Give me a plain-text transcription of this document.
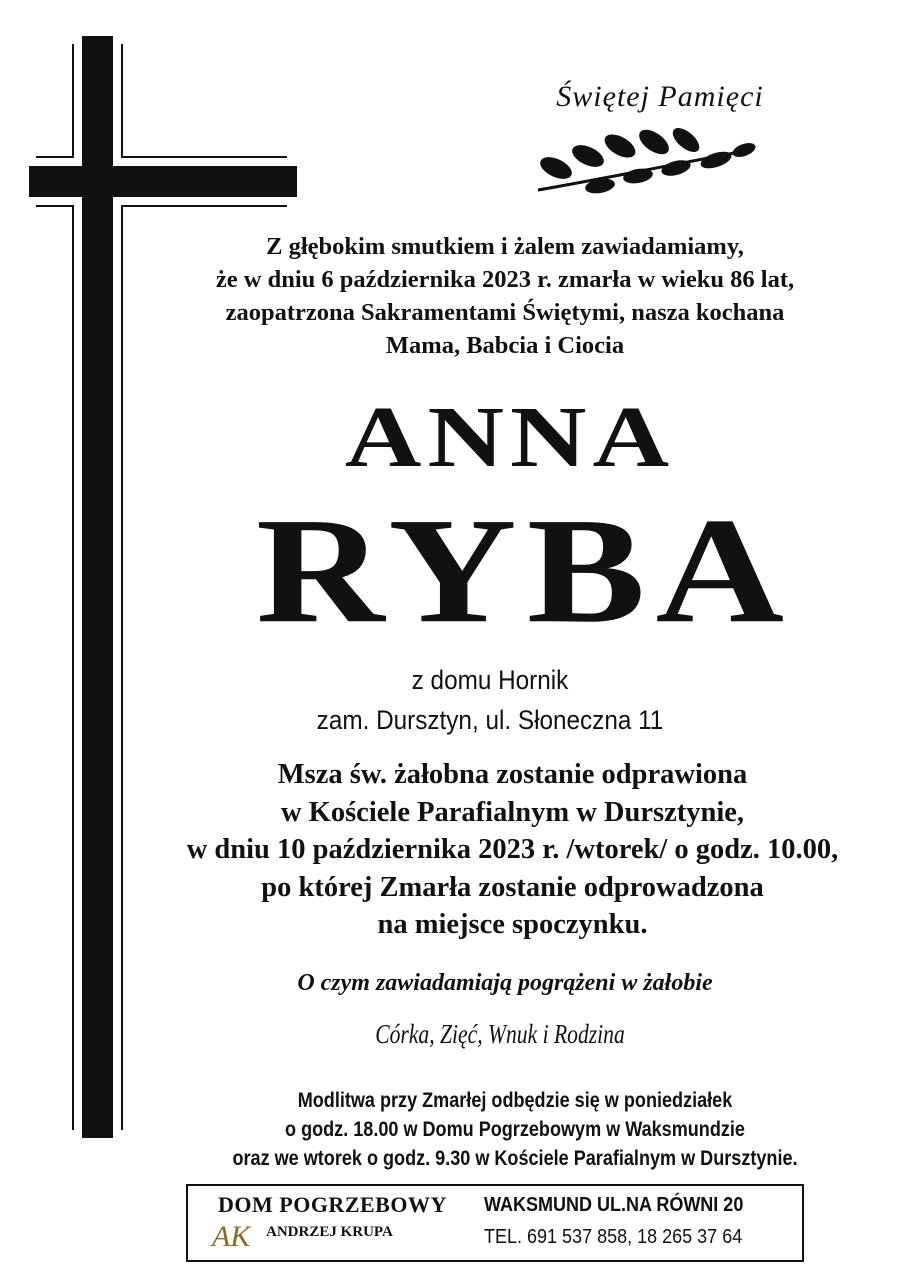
Świętej Pamięci
Z głębokim smutkiem i żalem zawiadamiamy,
że w dniu 6 października 2023 r. zmarła w wieku 86 lat,
zaopatrzona Sakramentami Świętymi, nasza kochana
Mama, Babcia i Ciocia
ANNA
RYBA
z domu Hornik
zam. Dursztyn, ul. Słoneczna 11
Msza św. żałobna zostanie odprawiona
w Kościele Parafialnym w Dursztynie,
w dniu 10 października 2023 r. /wtorek/ o godz. 10.00,
po której Zmarła zostanie odprowadzona
na miejsce spoczynku.
O czym zawiadamiają pogrążeni w żałobie
Córka, Zięć, Wnuk i Rodzina
Modlitwa przy Zmarłej odbędzie się w poniedziałek
o godz. 18.00 w Domu Pogrzebowym w Waksmundzie
oraz we wtorek o godz. 9.30 w Kościele Parafialnym w Dursztynie.
DOM POGRZEBOWY
AK ANDRZEJ KRUPA
WAKSMUND UL.NA RÓWNI 20
TEL. 691 537 858, 18 265 37 64
